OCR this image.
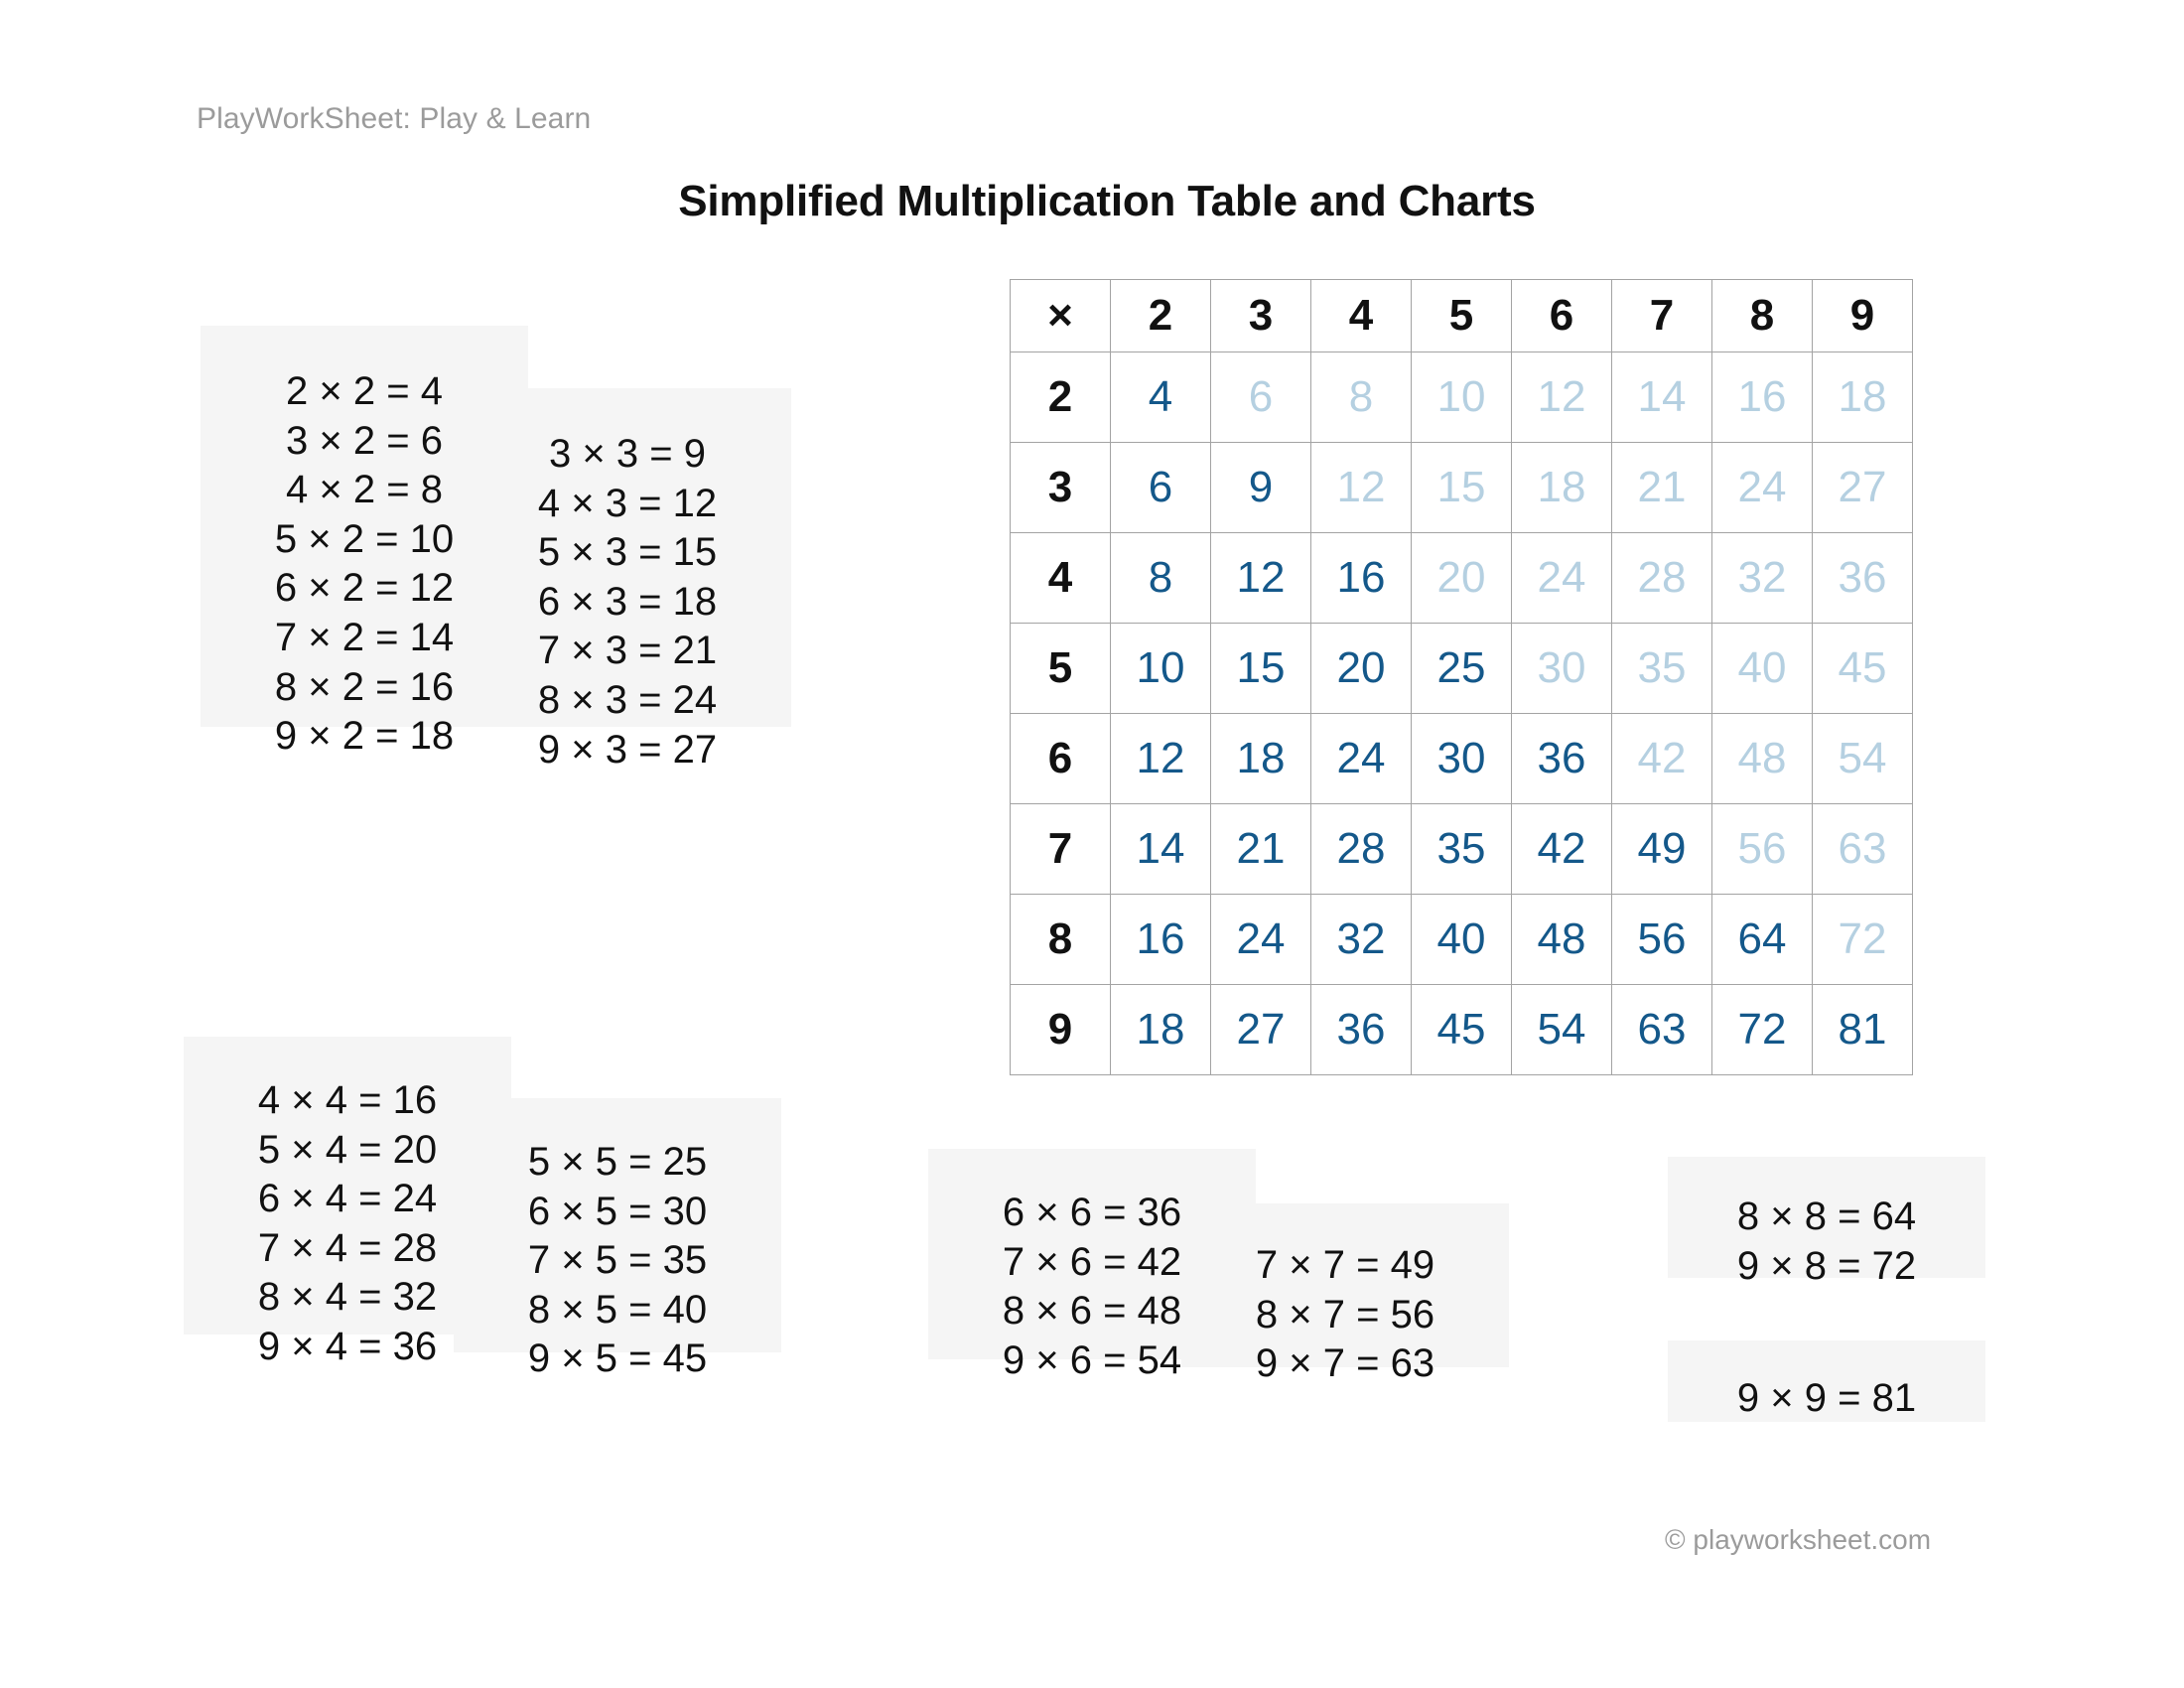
PlayWorkSheet: Play & Learn
Simplified Multiplication Table and Charts
×	2	3	4	5	6	7	8	9
2	4	6	8	10	12	14	16	18
3	6	9	12	15	18	21	24	27
4	8	12	16	20	24	28	32	36
5	10	15	20	25	30	35	40	45
6	12	18	24	30	36	42	48	54
7	14	21	28	35	42	49	56	63
8	16	24	32	40	48	56	64	72
9	18	27	36	45	54	63	72	81
2 × 2 = 4
3 × 2 = 6
4 × 2 = 8
5 × 2 = 10
6 × 2 = 12
7 × 2 = 14
8 × 2 = 16
9 × 2 = 18
3 × 3 = 9
4 × 3 = 12
5 × 3 = 15
6 × 3 = 18
7 × 3 = 21
8 × 3 = 24
9 × 3 = 27
4 × 4 = 16
5 × 4 = 20
6 × 4 = 24
7 × 4 = 28
8 × 4 = 32
9 × 4 = 36
5 × 5 = 25
6 × 5 = 30
7 × 5 = 35
8 × 5 = 40
9 × 5 = 45
6 × 6 = 36
7 × 6 = 42
8 × 6 = 48
9 × 6 = 54
7 × 7 = 49
8 × 7 = 56
9 × 7 = 63
8 × 8 = 64
9 × 8 = 72
9 × 9 = 81
© playworksheet.com
